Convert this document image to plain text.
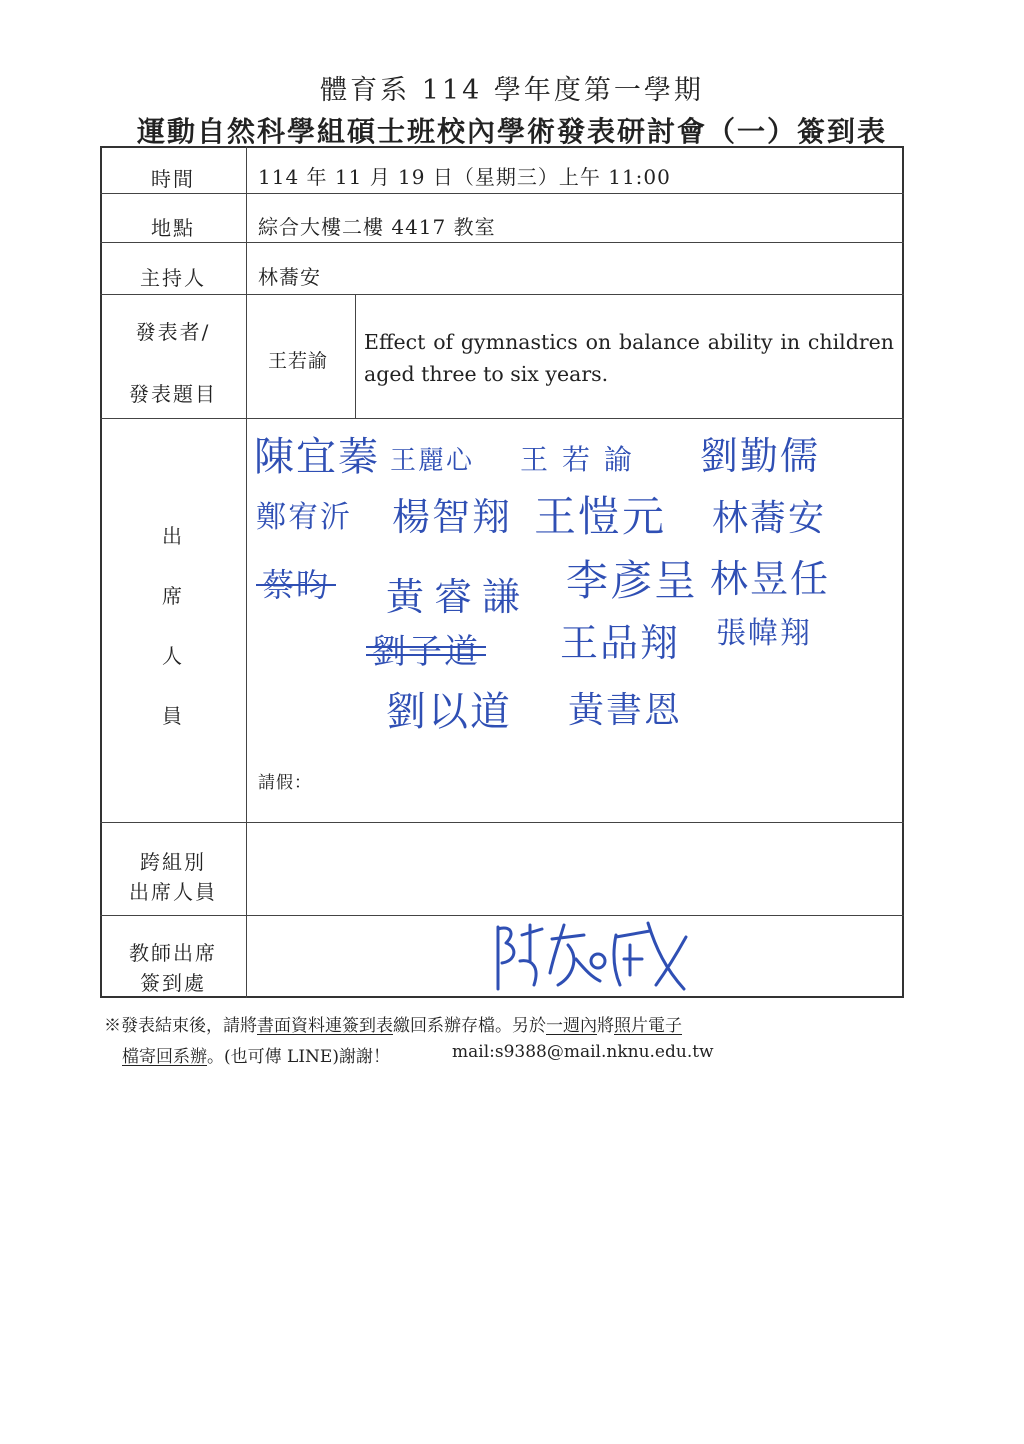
體育系 114 學年度第一學期
運動自然科學組碩士班校內學術發表研討會（一）簽到表
時間
地點
主持人
發表者/
發表題目
出
席
人
員
跨組別
出席人員
教師出席
簽到處
114 年 11 月 19 日（星期三）上午 11:00
綜合大樓二樓 4417 教室
林蕎安
王若諭
Effect of gymnastics on balance ability in children aged three to six years.
請假：
陳宜蓁 王麗心 王若諭 劉勤儒
鄭宥沂 楊智翔 王愷元 林蕎安
蔡昀 黃睿謙 李彥呈 林昱任
劉子道 王品翔 張幃翔
劉以道 黃書恩
※發表結束後，請將書面資料連簽到表繳回系辦存檔。另於一週內將照片電子
檔寄回系辦。(也可傳 LINE)謝謝！	mail:s9388@mail.nknu.edu.tw
